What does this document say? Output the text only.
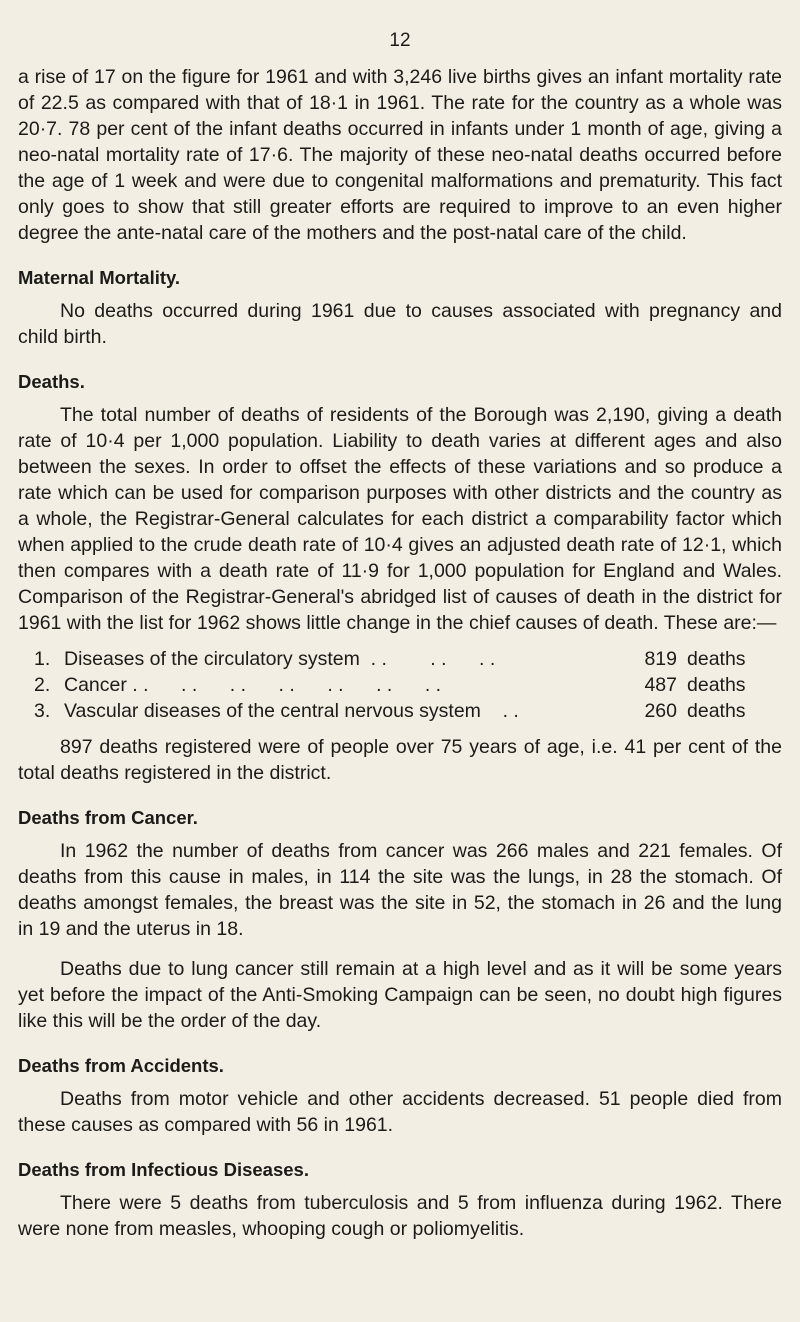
12

a rise of 17 on the figure for 1961 and with 3,246 live births gives an infant mortality rate of 22.5 as compared with that of 18·1 in 1961. The rate for the country as a whole was 20·7. 78 per cent of the infant deaths occurred in infants under 1 month of age, giving a neo-natal mortality rate of 17·6. The majority of these neo-natal deaths occurred before the age of 1 week and were due to congenital malformations and prematurity. This fact only goes to show that still greater efforts are required to improve to an even higher degree the ante-natal care of the mothers and the post-natal care of the child.

Maternal Mortality.

No deaths occurred during 1961 due to causes associated with pregnancy and child birth.

Deaths.

The total number of deaths of residents of the Borough was 2,190, giving a death rate of 10·4 per 1,000 population. Liability to death varies at different ages and also between the sexes. In order to offset the effects of these variations and so produce a rate which can be used for comparison purposes with other districts and the country as a whole, the Registrar-General calculates for each district a comparability factor which when applied to the crude death rate of 10·4 gives an adjusted death rate of 12·1, which then compares with a death rate of 11·9 for 1,000 population for England and Wales. Comparison of the Registrar-General's abridged list of causes of death in the district for 1961 with the list for 1962 shows little change in the chief causes of death. These are:—

1. Diseases of the circulatory system  . .        . .      . .	819 deaths
2. Cancer . .      . .      . .      . .      . .      . .      . .	487 deaths
3. Vascular diseases of the central nervous system    . .	260 deaths

897 deaths registered were of people over 75 years of age, i.e. 41 per cent of the total deaths registered in the district.

Deaths from Cancer.

In 1962 the number of deaths from cancer was 266 males and 221 females. Of deaths from this cause in males, in 114 the site was the lungs, in 28 the stomach. Of deaths amongst females, the breast was the site in 52, the stomach in 26 and the lung in 19 and the uterus in 18.

Deaths due to lung cancer still remain at a high level and as it will be some years yet before the impact of the Anti-Smoking Campaign can be seen, no doubt high figures like this will be the order of the day.

Deaths from Accidents.

Deaths from motor vehicle and other accidents decreased. 51 people died from these causes as compared with 56 in 1961.

Deaths from Infectious Diseases.

There were 5 deaths from tuberculosis and 5 from influenza during 1962. There were none from measles, whooping cough or poliomyelitis.
